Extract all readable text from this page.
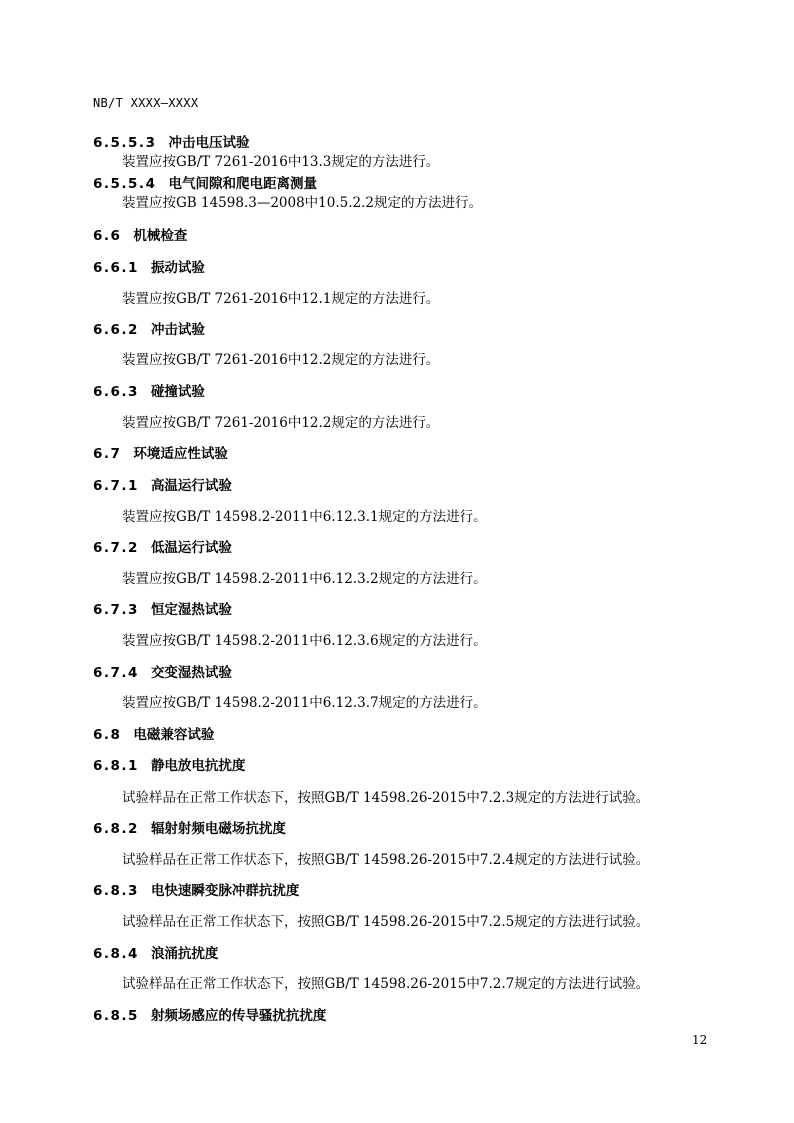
NB/T XXXX—XXXX
6.5.5.3 冲击电压试验
装置应按GB/T 7261-2016中13.3规定的方法进行。
6.5.5.4 电气间隙和爬电距离测量
装置应按GB 14598.3—2008中10.5.2.2规定的方法进行。
6.6 机械检查
6.6.1 振动试验
装置应按GB/T 7261-2016中12.1规定的方法进行。
6.6.2 冲击试验
装置应按GB/T 7261-2016中12.2规定的方法进行。
6.6.3 碰撞试验
装置应按GB/T 7261-2016中12.2规定的方法进行。
6.7 环境适应性试验
6.7.1 高温运行试验
装置应按GB/T 14598.2-2011中6.12.3.1规定的方法进行。
6.7.2 低温运行试验
装置应按GB/T 14598.2-2011中6.12.3.2规定的方法进行。
6.7.3 恒定湿热试验
装置应按GB/T 14598.2-2011中6.12.3.6规定的方法进行。
6.7.4 交变湿热试验
装置应按GB/T 14598.2-2011中6.12.3.7规定的方法进行。
6.8 电磁兼容试验
6.8.1 静电放电抗扰度
试验样品在正常工作状态下，按照GB/T 14598.26-2015中7.2.3规定的方法进行试验。
6.8.2 辐射射频电磁场抗扰度
试验样品在正常工作状态下，按照GB/T 14598.26-2015中7.2.4规定的方法进行试验。
6.8.3 电快速瞬变脉冲群抗扰度
试验样品在正常工作状态下，按照GB/T 14598.26-2015中7.2.5规定的方法进行试验。
6.8.4 浪涌抗扰度
试验样品在正常工作状态下，按照GB/T 14598.26-2015中7.2.7规定的方法进行试验。
6.8.5 射频场感应的传导骚扰抗扰度
12
